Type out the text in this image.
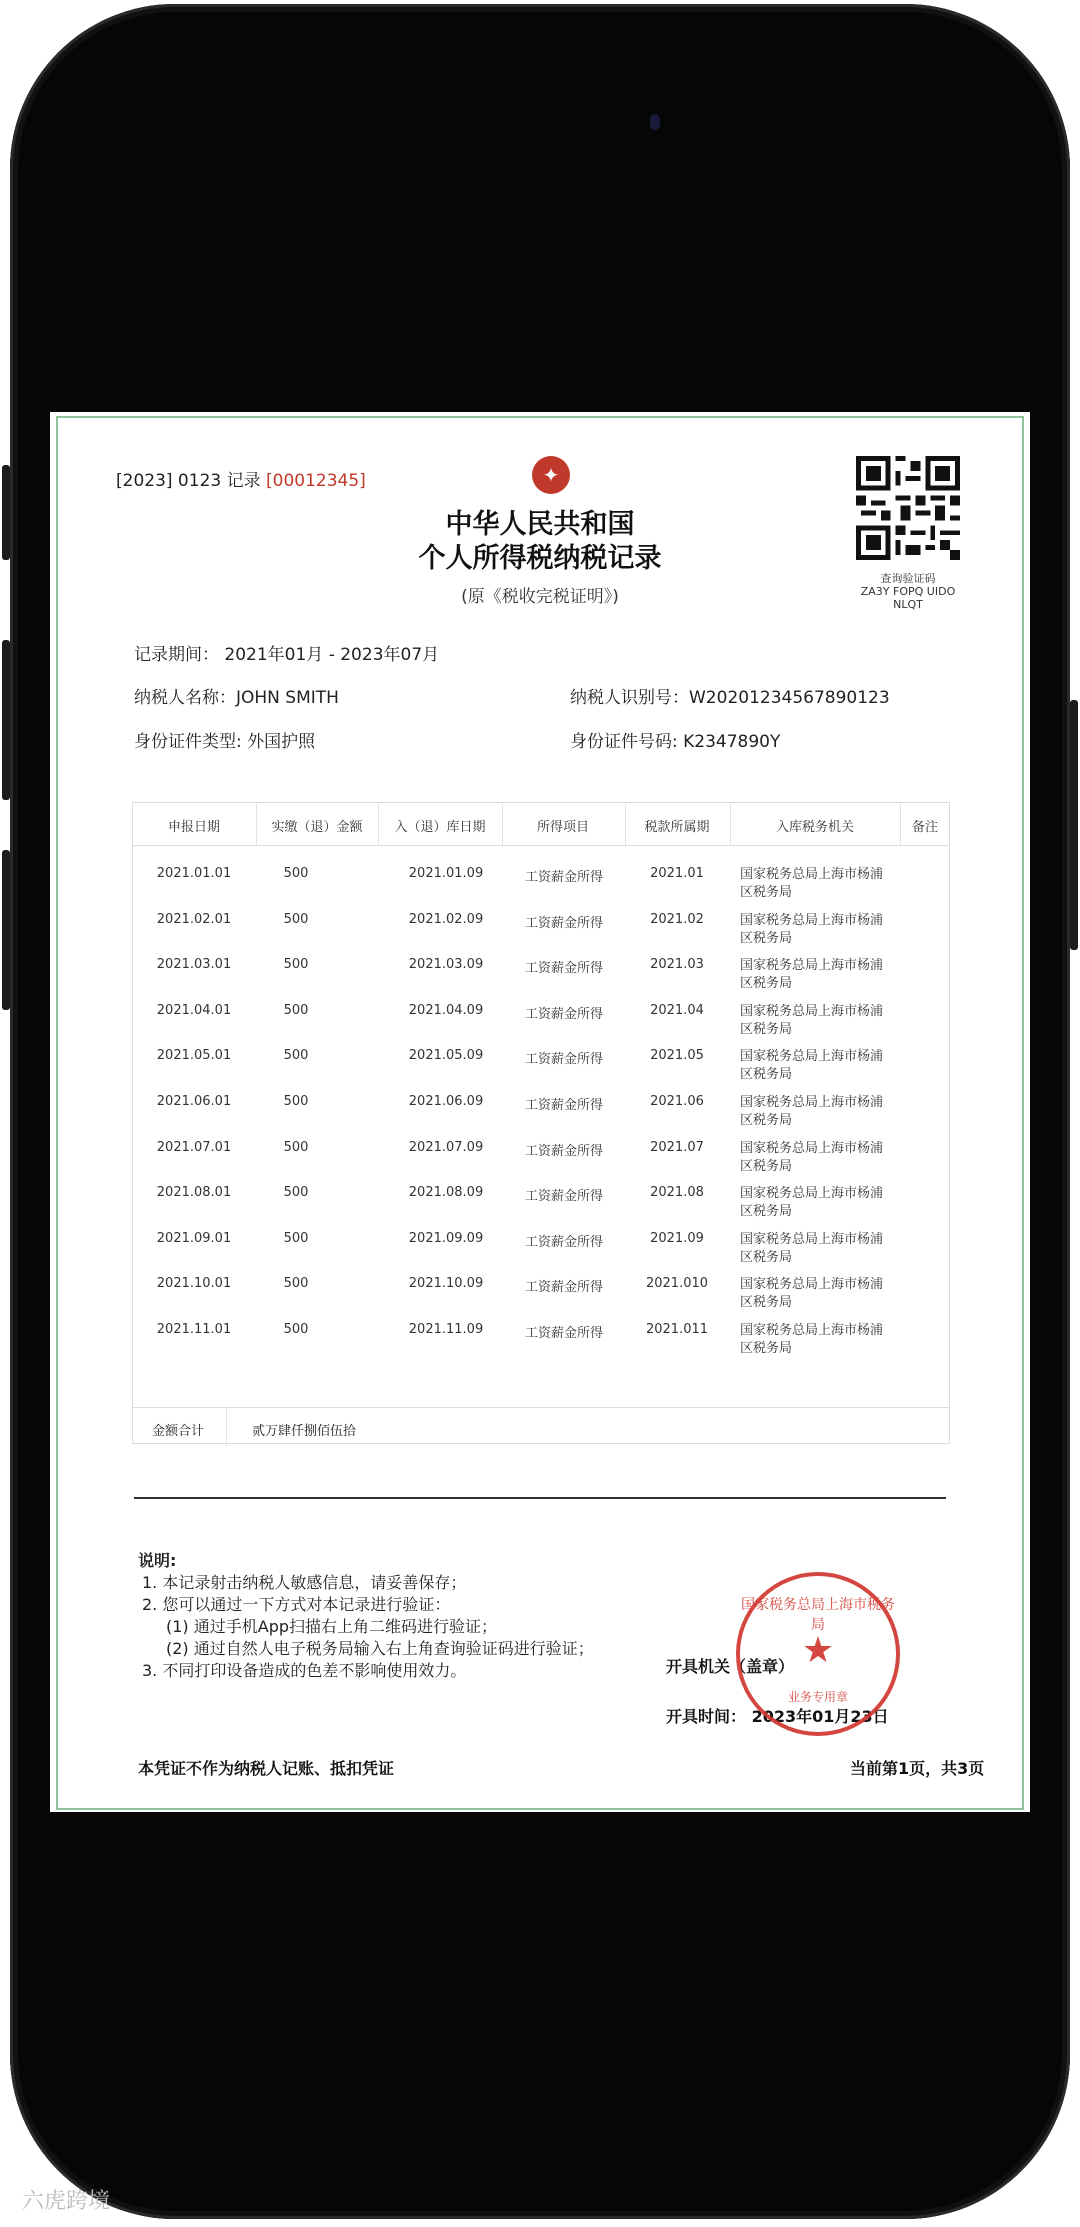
[2023] 0123 记录 [00012345]	✦
中华人民共和国
个人所得税纳税记录
(原《税收完税证明》)
查询验证码
ZA3Y FOPQ UIDO
NLQT
记录期间： 2021年01月 - 2023年07月
纳税人名称：JOHN SMITH	纳税人识别号：W20201234567890123
身份证件类型: 外国护照	身份证件号码: K2347890Y
申报日期	实缴（退）金额	入（退）库日期	所得项目	税款所属期	入库税务机关	备注
2021.01.01	500	2021.01.09	工资薪金所得	2021.01	国家税务总局上海市杨浦区税务局
2021.02.01	500	2021.02.09	工资薪金所得	2021.02	国家税务总局上海市杨浦区税务局
2021.03.01	500	2021.03.09	工资薪金所得	2021.03	国家税务总局上海市杨浦区税务局
2021.04.01	500	2021.04.09	工资薪金所得	2021.04	国家税务总局上海市杨浦区税务局
2021.05.01	500	2021.05.09	工资薪金所得	2021.05	国家税务总局上海市杨浦区税务局
2021.06.01	500	2021.06.09	工资薪金所得	2021.06	国家税务总局上海市杨浦区税务局
2021.07.01	500	2021.07.09	工资薪金所得	2021.07	国家税务总局上海市杨浦区税务局
2021.08.01	500	2021.08.09	工资薪金所得	2021.08	国家税务总局上海市杨浦区税务局
2021.09.01	500	2021.09.09	工资薪金所得	2021.09	国家税务总局上海市杨浦区税务局
2021.10.01	500	2021.10.09	工资薪金所得	2021.010	国家税务总局上海市杨浦区税务局
2021.11.01	500	2021.11.09	工资薪金所得	2021.011	国家税务总局上海市杨浦区税务局
金额合计	贰万肆仟捌佰伍拾
说明:
1. 本记录射击纳税人敏感信息，请妥善保存；
2. 您可以通过一下方式对本记录进行验证：
(1) 通过手机App扫描右上角二维码进行验证；
(2) 通过自然人电子税务局输入右上角查询验证码进行验证；
3. 不同打印设备造成的色差不影响使用效力。	开具机关（盖章）
开具时间： 2023年01月23日
国家税务总局上海市税务局
★
业务专用章
本凭证不作为纳税人记账、抵扣凭证	当前第1页，共3页
六虎跨境
